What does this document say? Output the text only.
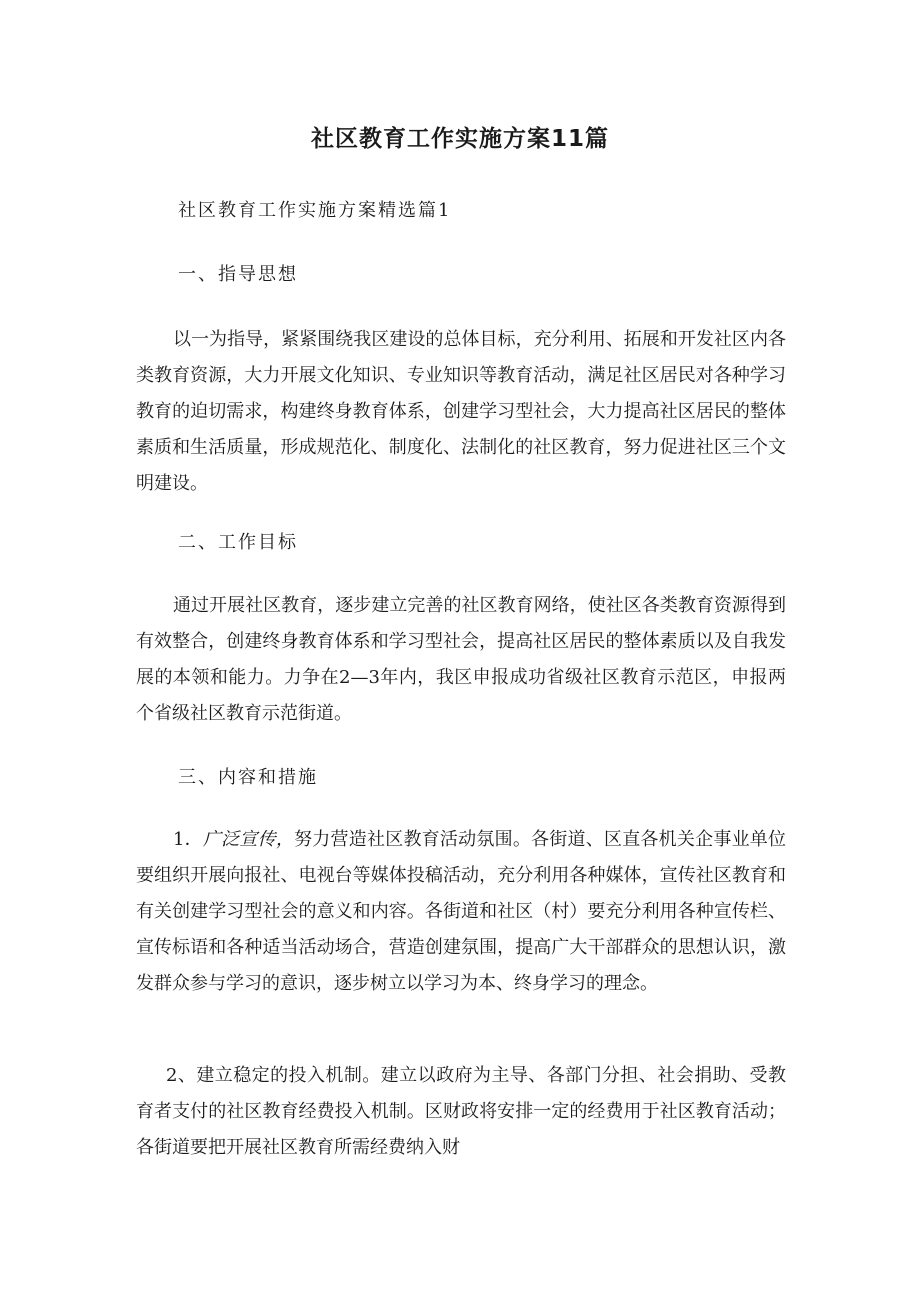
社区教育工作实施方案11篇
社区教育工作实施方案精选篇1
一、指导思想

以一为指导，紧紧围绕我区建设的总体目标，充分利用、拓展和开发社区内各类教育资源，大力开展文化知识、专业知识等教育活动，满足社区居民对各种学习教育的迫切需求，构建终身教育体系，创建学习型社会，大力提高社区居民的整体素质和生活质量，形成规范化、制度化、法制化的社区教育，努力促进社区三个文明建设。

二、工作目标

通过开展社区教育，逐步建立完善的社区教育网络，使社区各类教育资源得到有效整合，创建终身教育体系和学习型社会，提高社区居民的整体素质以及自我发展的本领和能力。力争在2—3年内，我区申报成功省级社区教育示范区，申报两个省级社区教育示范街道。

三、内容和措施

1．广泛宣传，努力营造社区教育活动氛围。各街道、区直各机关企事业单位要组织开展向报社、电视台等媒体投稿活动，充分利用各种媒体，宣传社区教育和有关创建学习型社会的意义和内容。各街道和社区（村）要充分利用各种宣传栏、宣传标语和各种适当活动场合，营造创建氛围，提高广大干部群众的思想认识，激发群众参与学习的意识，逐步树立以学习为本、终身学习的理念。

2、建立稳定的投入机制。建立以政府为主导、各部门分担、社会捐助、受教育者支付的社区教育经费投入机制。区财政将安排一定的经费用于社区教育活动；各街道要把开展社区教育所需经费纳入财
